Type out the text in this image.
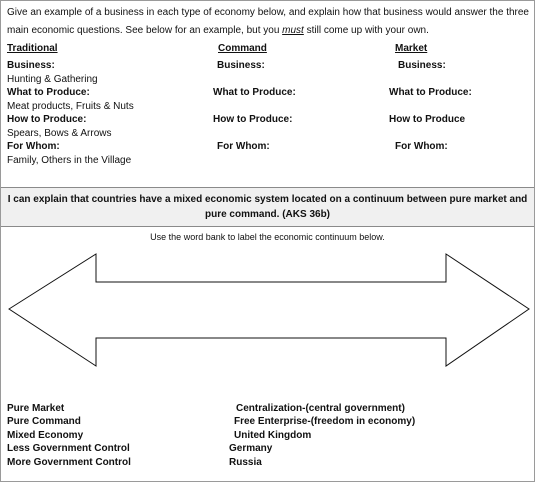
Give an example of a business in each type of economy below, and explain how that business would answer the three
main economic questions. See below for an example, but you must still come up with your own.
Traditional
Business:
Hunting & Gathering
What to Produce:
Meat products, Fruits & Nuts
How to Produce:
Spears, Bows & Arrows
For Whom:
Family, Others in the Village
Command
Business:
What to Produce:
How to Produce:
For Whom:
Market
Business:
What to Produce:
How to Produce
For Whom:
I can explain that countries have a mixed economic system located on a continuum between pure market and pure command. (AKS 36b)
Use the word bank to label the economic continuum below.
Pure Market
Pure Command
Mixed Economy
Less Government Control
More Government Control
Centralization-(central government)
Free Enterprise-(freedom in economy)
United Kingdom
Germany
Russia
